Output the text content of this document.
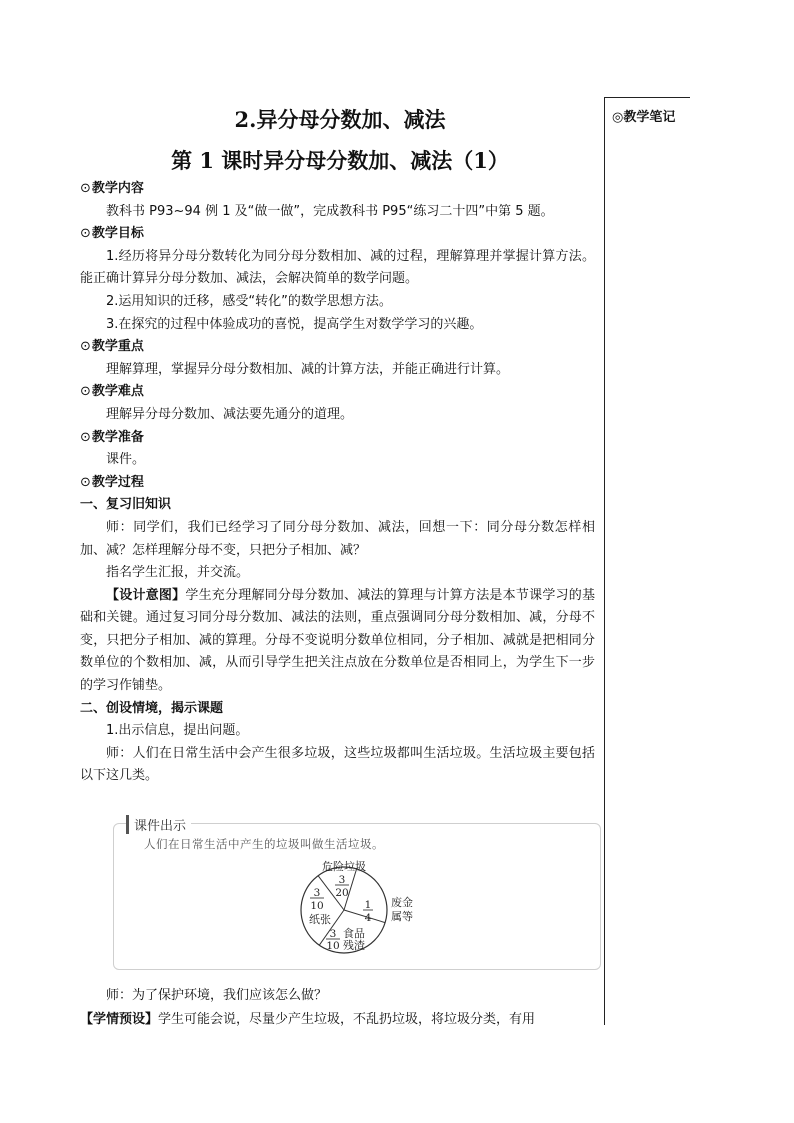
◎教学笔记
2.异分母分数加、减法
第 1 课时异分母分数加、减法（1）

⊙教学内容

教科书 P93~94 例 1 及“做一做”，完成教科书 P95“练习二十四”中第 5 题。

⊙教学目标

1.经历将异分母分数转化为同分母分数相加、减的过程，理解算理并掌握计算方法。能正确计算异分母分数加、减法，会解决简单的数学问题。

2.运用知识的迁移，感受“转化”的数学思想方法。

3.在探究的过程中体验成功的喜悦，提高学生对数学学习的兴趣。

⊙教学重点

理解算理，掌握异分母分数相加、减的计算方法，并能正确进行计算。

⊙教学难点

理解异分母分数加、减法要先通分的道理。

⊙教学准备

课件。

⊙教学过程

一、复习旧知识

师：同学们，我们已经学习了同分母分数加、减法，回想一下：同分母分数怎样相加、减？怎样理解分母不变，只把分子相加、减？

指名学生汇报，并交流。

【设计意图】学生充分理解同分母分数加、减法的算理与计算方法是本节课学习的基础和关键。通过复习同分母分数加、减法的法则，重点强调同分母分数相加、减，分母不变，只把分子相加、减的算理。分母不变说明分数单位相同，分子相加、减就是把相同分数单位的个数相加、减，从而引导学生把关注点放在分数单位是否相同上，为学生下一步的学习作铺垫。

二、创设情境，揭示课题

1.出示信息，提出问题。

师：人们在日常生活中会产生很多垃圾，这些垃圾都叫生活垃圾。生活垃圾主要包括以下这几类。

课件出示
人们在日常生活中产生的垃圾叫做生活垃圾。
危险垃圾
3
20
1
4
废金
属等
3
10
纸张
3
10
食品
残渣

师：为了保护环境，我们应该怎么做？

【学情预设】学生可能会说，尽量少产生垃圾，不乱扔垃圾，将垃圾分类，有用
